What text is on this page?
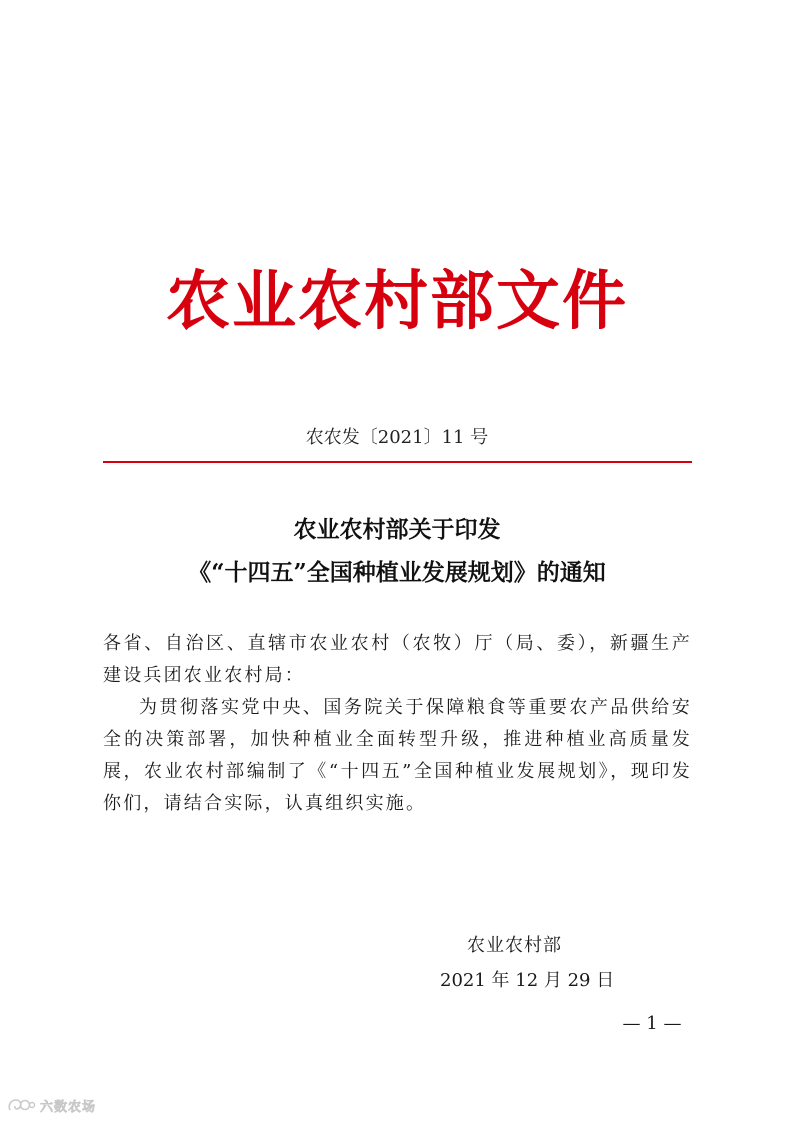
农业农村部文件
农农发〔2021〕11 号
农业农村部关于印发
《“十四五”全国种植业发展规划》的通知

各省、自治区、直辖市农业农村（农牧）厅（局、委），新疆生产建设兵团农业农村局：

为贯彻落实党中央、国务院关于保障粮食等重要农产品供给安全的决策部署，加快种植业全面转型升级，推进种植业高质量发展，农业农村部编制了《“十四五”全国种植业发展规划》，现印发你们，请结合实际，认真组织实施。

农业农村部
2021 年 12 月 29 日
— 1 —
六数农场
